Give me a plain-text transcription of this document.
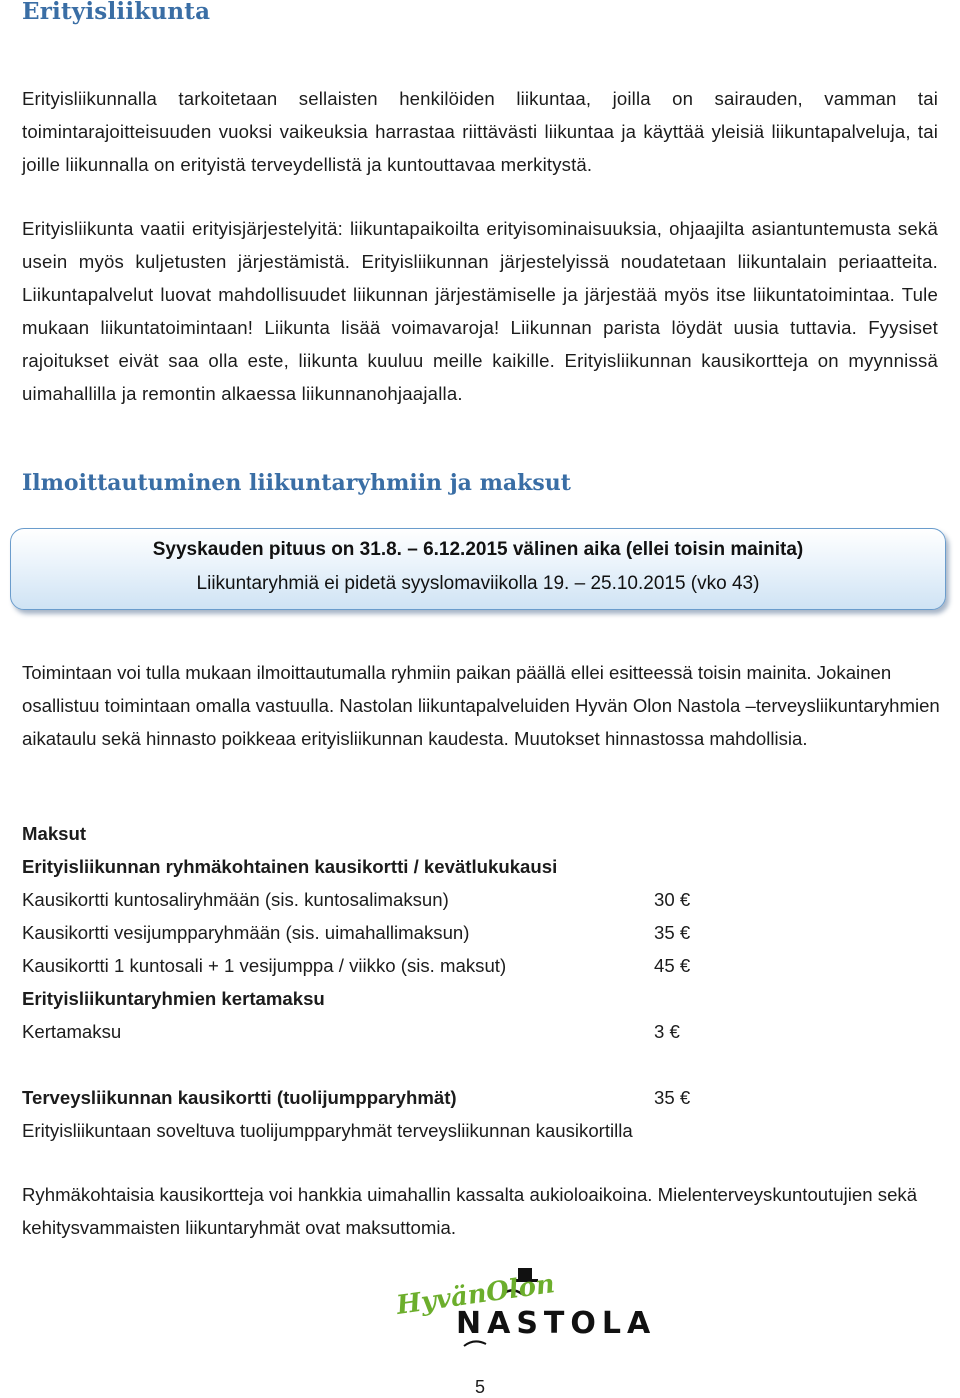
Erityisliikunta

Erityisliikunnalla tarkoitetaan sellaisten henkilöiden liikuntaa, joilla on sairauden, vamman tai toimintarajoitteisuuden vuoksi vaikeuksia harrastaa riittävästi liikuntaa ja käyttää yleisiä liikuntapalveluja, tai joille liikunnalla on erityistä terveydellistä ja kuntouttavaa merkitystä.

Erityisliikunta vaatii erityisjärjestelyitä: liikuntapaikoilta erityisominaisuuksia, ohjaajilta asiantuntemusta sekä usein myös kuljetusten järjestämistä. Erityisliikunnan järjestelyissä noudatetaan liikuntalain periaatteita. Liikuntapalvelut luovat mahdollisuudet liikunnan järjestämiselle ja järjestää myös itse liikuntatoimintaa. Tule mukaan liikuntatoimintaan! Liikunta lisää voimavaroja! Liikunnan parista löydät uusia tuttavia. Fyysiset rajoitukset eivät saa olla este, liikunta kuuluu meille kaikille. Erityisliikunnan kausikortteja on myynnissä uimahallilla ja remontin alkaessa liikunnanohjaajalla.

Ilmoittautuminen liikuntaryhmiin ja maksut
Syyskauden pituus on 31.8. – 6.12.2015 välinen aika (ellei toisin mainita)
Liikuntaryhmiä ei pidetä syyslomaviikolla 19. – 25.10.2015 (vko 43)

Toimintaan voi tulla mukaan ilmoittautumalla ryhmiin paikan päällä ellei esitteessä toisin mainita. Jokainen osallistuu toimintaan omalla vastuulla. Nastolan liikuntapalveluiden Hyvän Olon Nastola –terveysliikuntaryhmien aikataulu sekä hinnasto poikkeaa erityisliikunnan kaudesta. Muutokset hinnastossa mahdollisia.

Maksut
Erityisliikunnan ryhmäkohtainen kausikortti / kevätlukukausi
Kausikortti kuntosaliryhmään (sis. kuntosalimaksun)	30 €
Kausikortti vesijumpparyhmään (sis. uimahallimaksun)	35 €
Kausikortti 1 kuntosali + 1 vesijumppa / viikko (sis. maksut)	45 €
Erityisliikuntaryhmien kertamaksu
Kertamaksu	3 €
Terveysliikunnan kausikortti (tuolijumpparyhmät)	35 €
Erityisliikuntaan soveltuva tuolijumpparyhmät terveysliikunnan kausikortilla

Ryhmäkohtaisia kausikortteja voi hankkia uimahallin kassalta aukioloaikoina. Mielenterveyskuntoutujien sekä kehitysvammaisten liikuntaryhmät ovat maksuttomia.

HyvänOlon
NASTOLA
5
